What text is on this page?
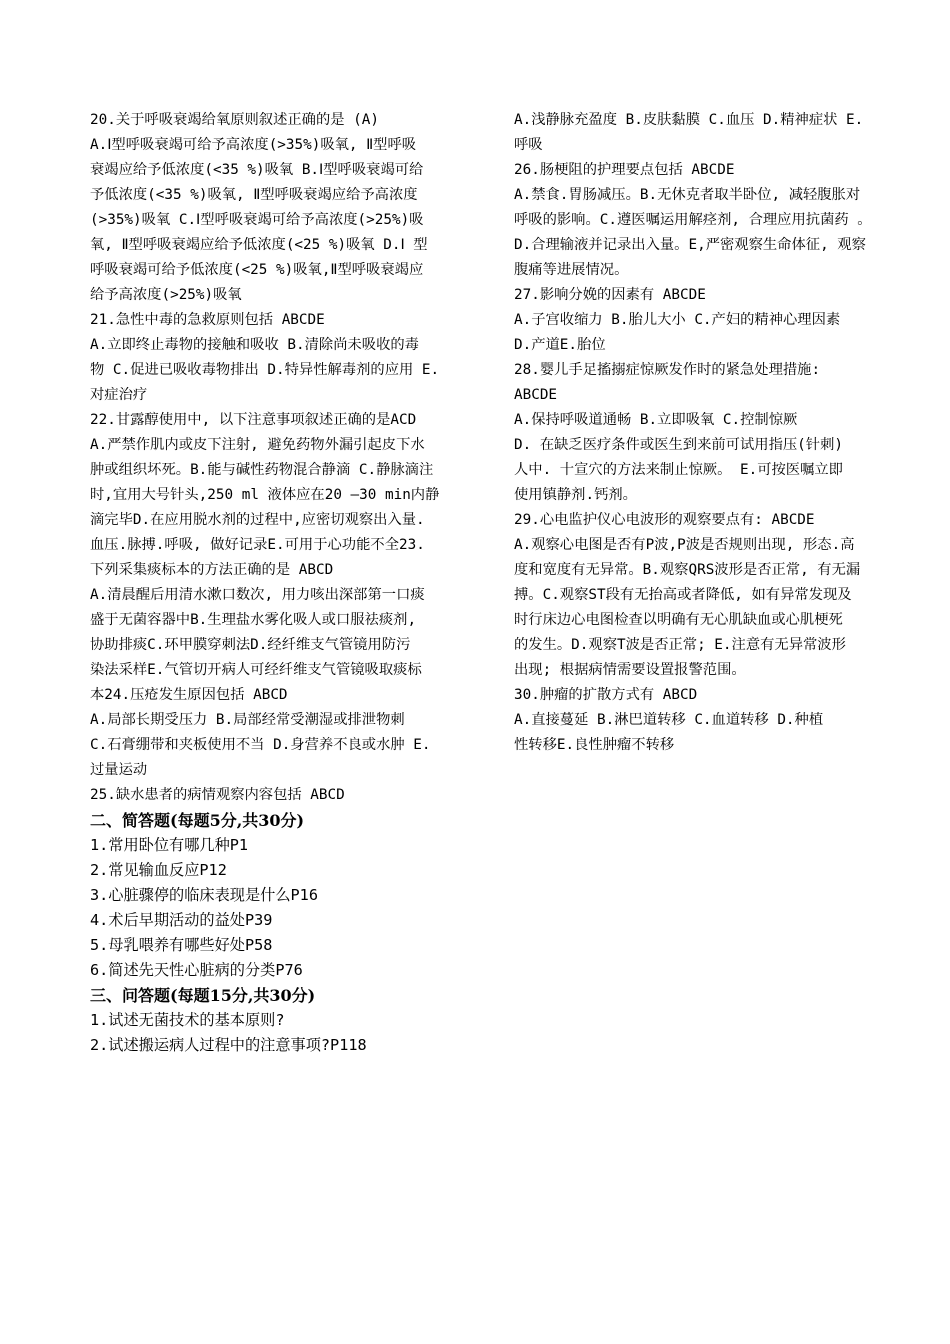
20.关于呼吸衰竭给氧原则叙述正确的是 (A)
A.Ⅰ型呼吸衰竭可给予高浓度(>35%)吸氧, Ⅱ型呼吸
衰竭应给予低浓度(<35 %)吸氧 B.Ⅰ型呼吸衰竭可给
予低浓度(<35 %)吸氧, Ⅱ型呼吸衰竭应给予高浓度
(>35%)吸氧 C.Ⅰ型呼吸衰竭可给予高浓度(>25%)吸
氧, Ⅱ型呼吸衰竭应给予低浓度(<25 %)吸氧 D.Ⅰ 型
呼吸衰竭可给予低浓度(<25 %)吸氧,Ⅱ型呼吸衰竭应
给予高浓度(>25%)吸氧
21.急性中毒的急救原则包括 ABCDE
A.立即终止毒物的接触和吸收 B.清除尚未吸收的毒
物 C.促进已吸收毒物排出 D.特异性解毒剂的应用 E.
对症治疗
22.甘露醇使用中, 以下注意事项叙述正确的是ACD
A.严禁作肌内或皮下注射, 避免药物外漏引起皮下水
肿或组织坏死。B.能与碱性药物混合静滴 C.静脉滴注
时,宜用大号针头,250 ml 液体应在20 —30 min内静
滴完毕D.在应用脱水剂的过程中,应密切观察出入量.
血压.脉搏.呼吸, 做好记录E.可用于心功能不全23.
下列采集痰标本的方法正确的是 ABCD
A.清晨醒后用清水漱口数次, 用力咳出深部第一口痰
盛于无菌容器中B.生理盐水雾化吸人或口服祛痰剂,
协助排痰C.环甲膜穿刺法D.经纤维支气管镜用防污
染法采样E.气管切开病人可经纤维支气管镜吸取痰标
本24.压疮发生原因包括 ABCD
A.局部长期受压力 B.局部经常受潮湿或排泄物刺
C.石膏绷带和夹板使用不当 D.身营养不良或水肿 E.
过量运动
25.缺水患者的病情观察内容包括 ABCD
二、简答题(每题5分,共30分)
1.常用卧位有哪几种P1
2.常见输血反应P12
3.心脏骤停的临床表现是什么P16
4.术后早期活动的益处P39
5.母乳喂养有哪些好处P58
6.简述先天性心脏病的分类P76
三、问答题(每题15分,共30分)
1.试述无菌技术的基本原则?
2.试述搬运病人过程中的注意事项?P118
A.浅静脉充盈度 B.皮肤黏膜 C.血压 D.精神症状 E.
呼吸
26.肠梗阻的护理要点包括 ABCDE
A.禁食.胃肠减压。B.无休克者取半卧位, 减轻腹胀对
呼吸的影响。C.遵医嘱运用解痉剂, 合理应用抗菌药 。
D.合理输液并记录出入量。E,严密观察生命体征, 观察
腹痛等进展情况。
27.影响分娩的因素有 ABCDE
A.子宫收缩力 B.胎儿大小 C.产妇的精神心理因素
D.产道E.胎位
28.婴儿手足搐搦症惊厥发作时的紧急处理措施:
ABCDE
A.保持呼吸道通畅 B.立即吸氧 C.控制惊厥
D. 在缺乏医疗条件或医生到来前可试用指压(针刺)
人中. 十宣穴的方法来制止惊厥。 E.可按医嘱立即
使用镇静剂.钙剂。
29.心电监护仪心电波形的观察要点有: ABCDE
A.观察心电图是否有P波,P波是否规则出现, 形态.高
度和宽度有无异常。B.观察QRS波形是否正常, 有无漏
搏。C.观察ST段有无抬高或者降低, 如有异常发现及
时行床边心电图检查以明确有无心肌缺血或心肌梗死
的发生。D.观察T波是否正常; E.注意有无异常波形
出现; 根据病情需要设置报警范围。
30.肿瘤的扩散方式有 ABCD
A.直接蔓延 B.淋巴道转移 C.血道转移 D.种植
性转移E.良性肿瘤不转移
